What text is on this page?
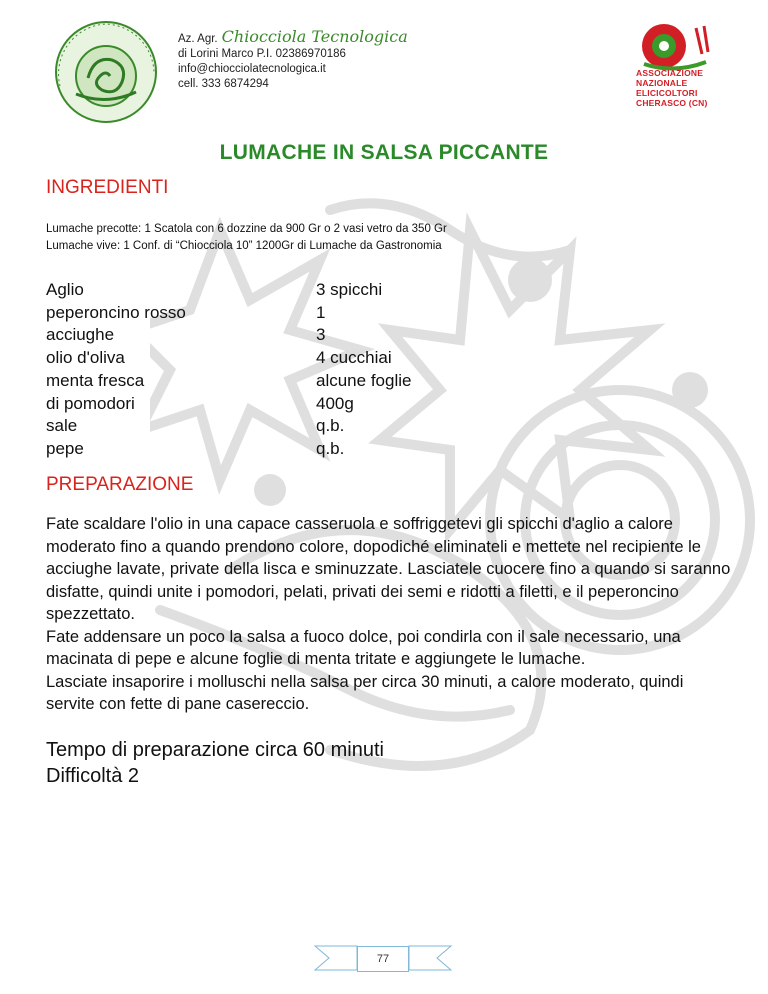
Az. Agr. Chiocciola Tecnologica
di Lorini Marco P.I. 02386970186
info@chiocciolatecnologica.it
cell. 333 6874294
ASSOCIAZIONE
NAZIONALE
ELICICOLTORI
CHERASCO (CN)
LUMACHE IN SALSA PICCANTE
INGREDIENTI
Lumache precotte: 1 Scatola con 6 dozzine da 900 Gr o 2 vasi vetro da 350 Gr
Lumache vive: 1 Conf. di “Chiocciola 10” 1200Gr di Lumache da Gastronomia
Aglio
peperoncino rosso
acciughe
olio d'oliva
menta fresca
di pomodori
sale
pepe
3 spicchi
1
3
4 cucchiai
alcune foglie
400g
q.b.
q.b.
PREPARAZIONE

Fate scaldare l'olio in una capace casseruola e soffriggetevi gli spicchi d'aglio a calore moderato fino a quando prendono colore, dopodiché eliminateli e mettete nel recipiente le acciughe lavate, private della lisca e sminuzzate. Lasciatele cuocere fino a quando si saranno disfatte, quindi unite i pomodori, pelati, privati dei semi e ridotti a filetti, e il peperoncino spezzettato.

Fate addensare un poco la salsa a fuoco dolce, poi condirla con il sale necessario, una macinata di pepe e alcune foglie di menta tritate e aggiungete le lumache.

Lasciate insaporire i molluschi nella salsa per circa 30 minuti, a calore moderato, quindi servite con fette di pane casereccio.

Tempo di preparazione circa 60 minuti
Difficoltà 2
77
